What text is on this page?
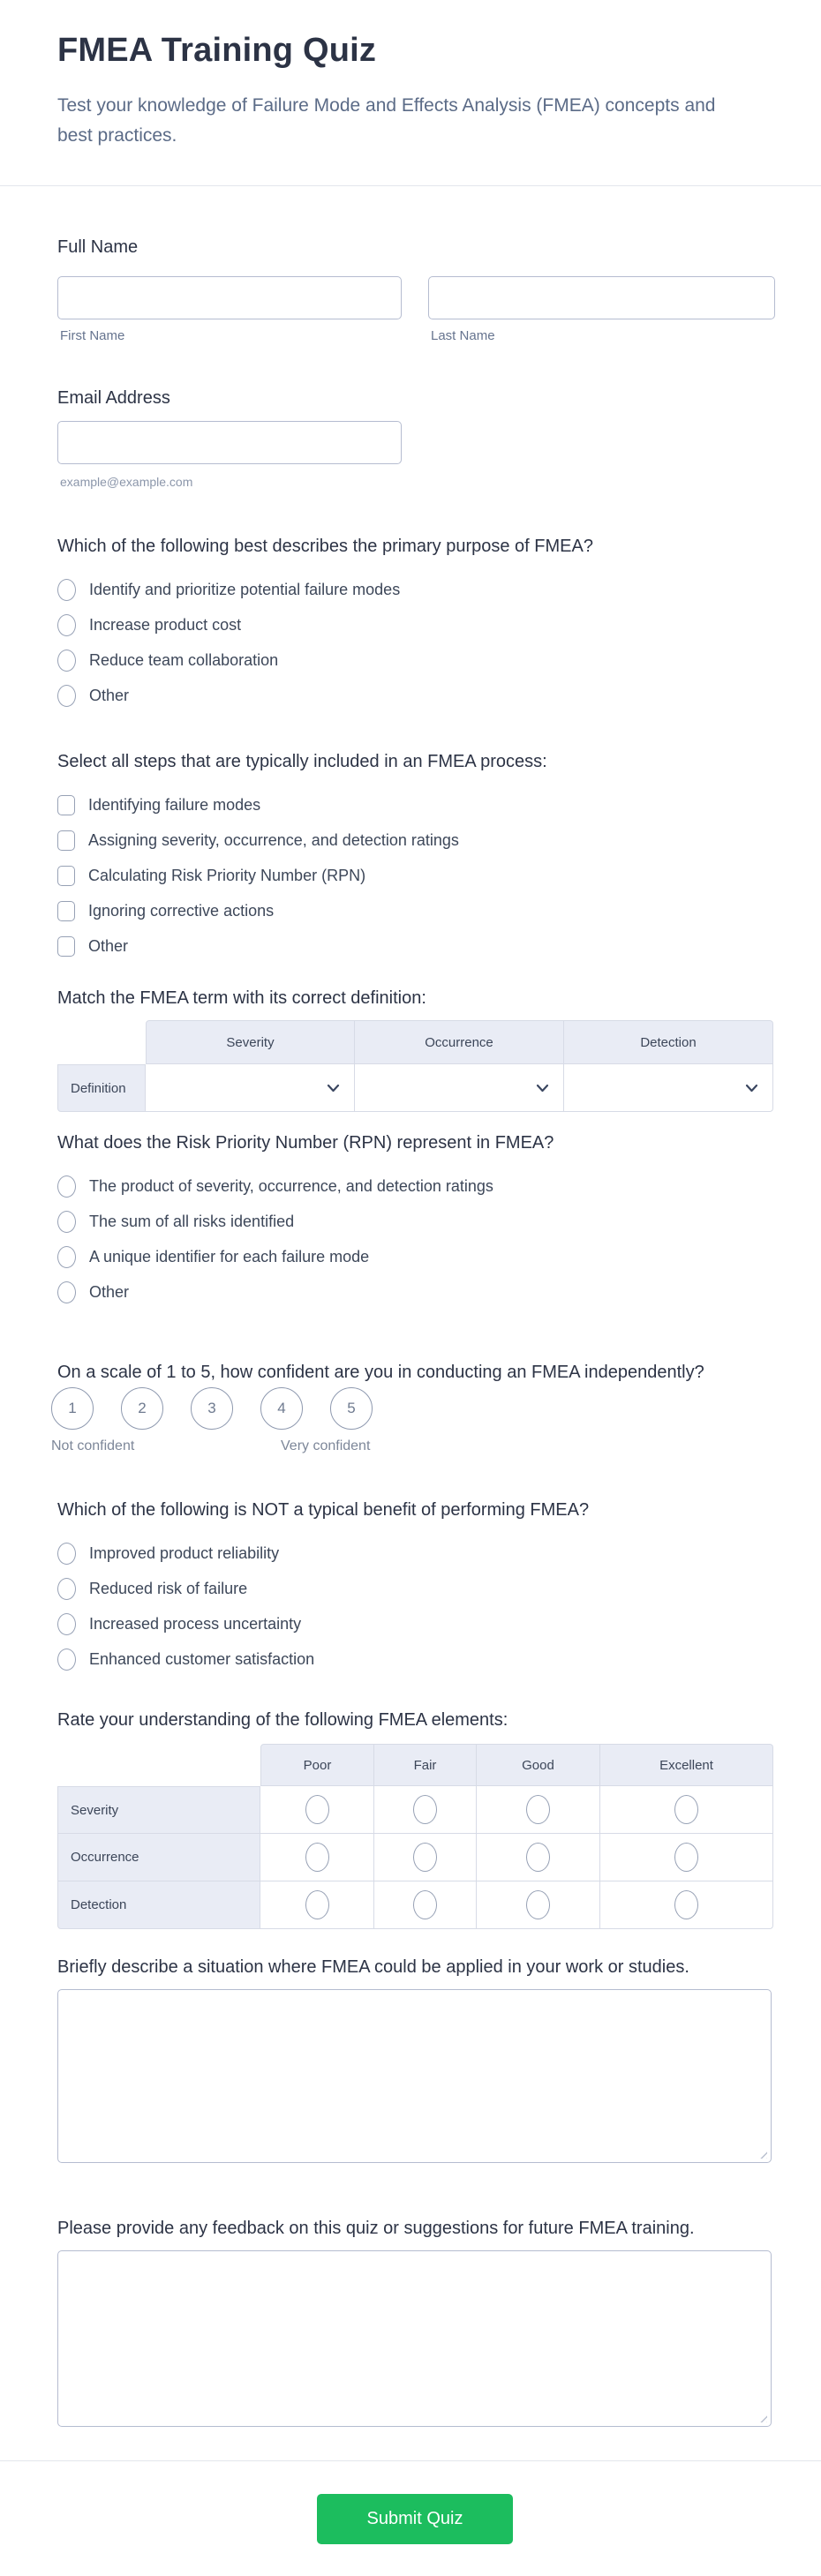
FMEA Training Quiz
Test your knowledge of Failure Mode and Effects Analysis (FMEA) concepts and best practices.
Full Name
First Name	Last Name
Email Address
example@example.com
Which of the following best describes the primary purpose of FMEA?
Identify and prioritize potential failure modes
Increase product cost
Reduce team collaboration
Other
Select all steps that are typically included in an FMEA process:
Identifying failure modes
Assigning severity, occurrence, and detection ratings
Calculating Risk Priority Number (RPN)
Ignoring corrective actions
Other
Match the FMEA term with its correct definition:
Severity	Occurrence	Detection
Definition
What does the Risk Priority Number (RPN) represent in FMEA?
The product of severity, occurrence, and detection ratings
The sum of all risks identified
A unique identifier for each failure mode
Other
On a scale of 1 to 5, how confident are you in conducting an FMEA independently?
1	2	3	4	5
Not confident	Very confident
Which of the following is NOT a typical benefit of performing FMEA?
Improved product reliability
Reduced risk of failure
Increased process uncertainty
Enhanced customer satisfaction
Rate your understanding of the following FMEA elements:
Poor	Fair	Good	Excellent
Severity
Occurrence
Detection
Briefly describe a situation where FMEA could be applied in your work or studies.
Please provide any feedback on this quiz or suggestions for future FMEA training.
Submit Quiz
